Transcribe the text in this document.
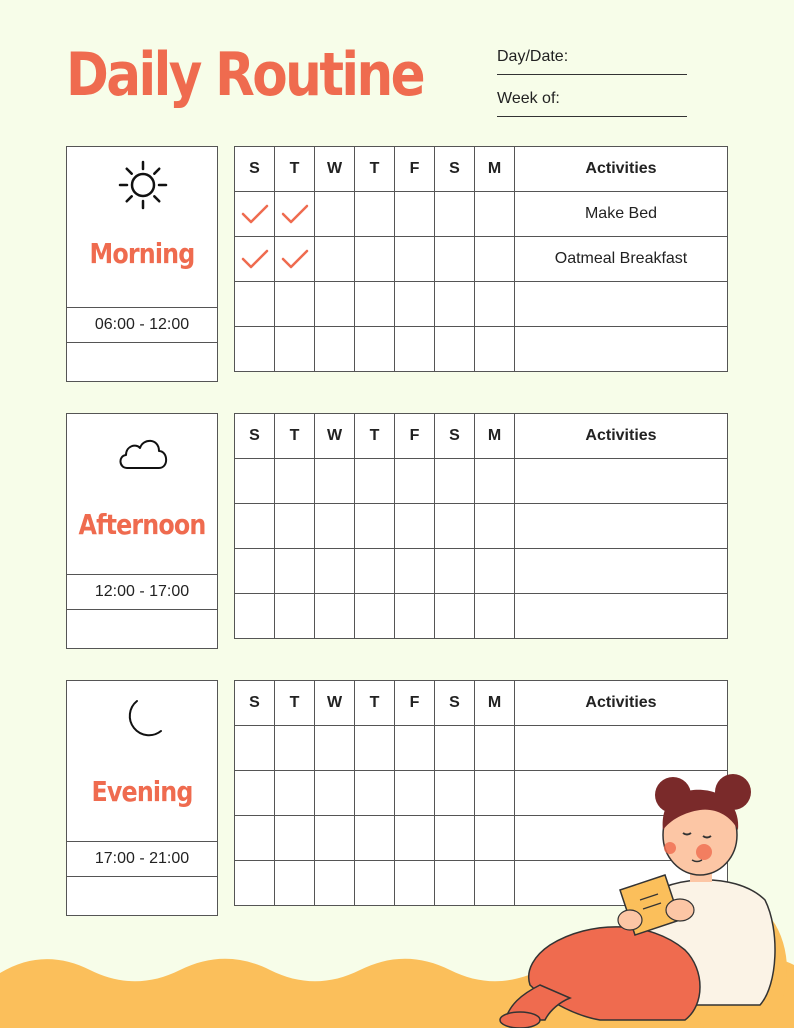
Daily Routine	Day/Date:
Week of:
Morning
06:00 - 12:00
S	T	W	T	F	S	M	Activities
							Make Bed
							Oatmeal Breakfast

Afternoon
12:00 - 17:00
S	T	W	T	F	S	M	Activities

Evening
17:00 - 21:00
S	T	W	T	F	S	M	Activities
